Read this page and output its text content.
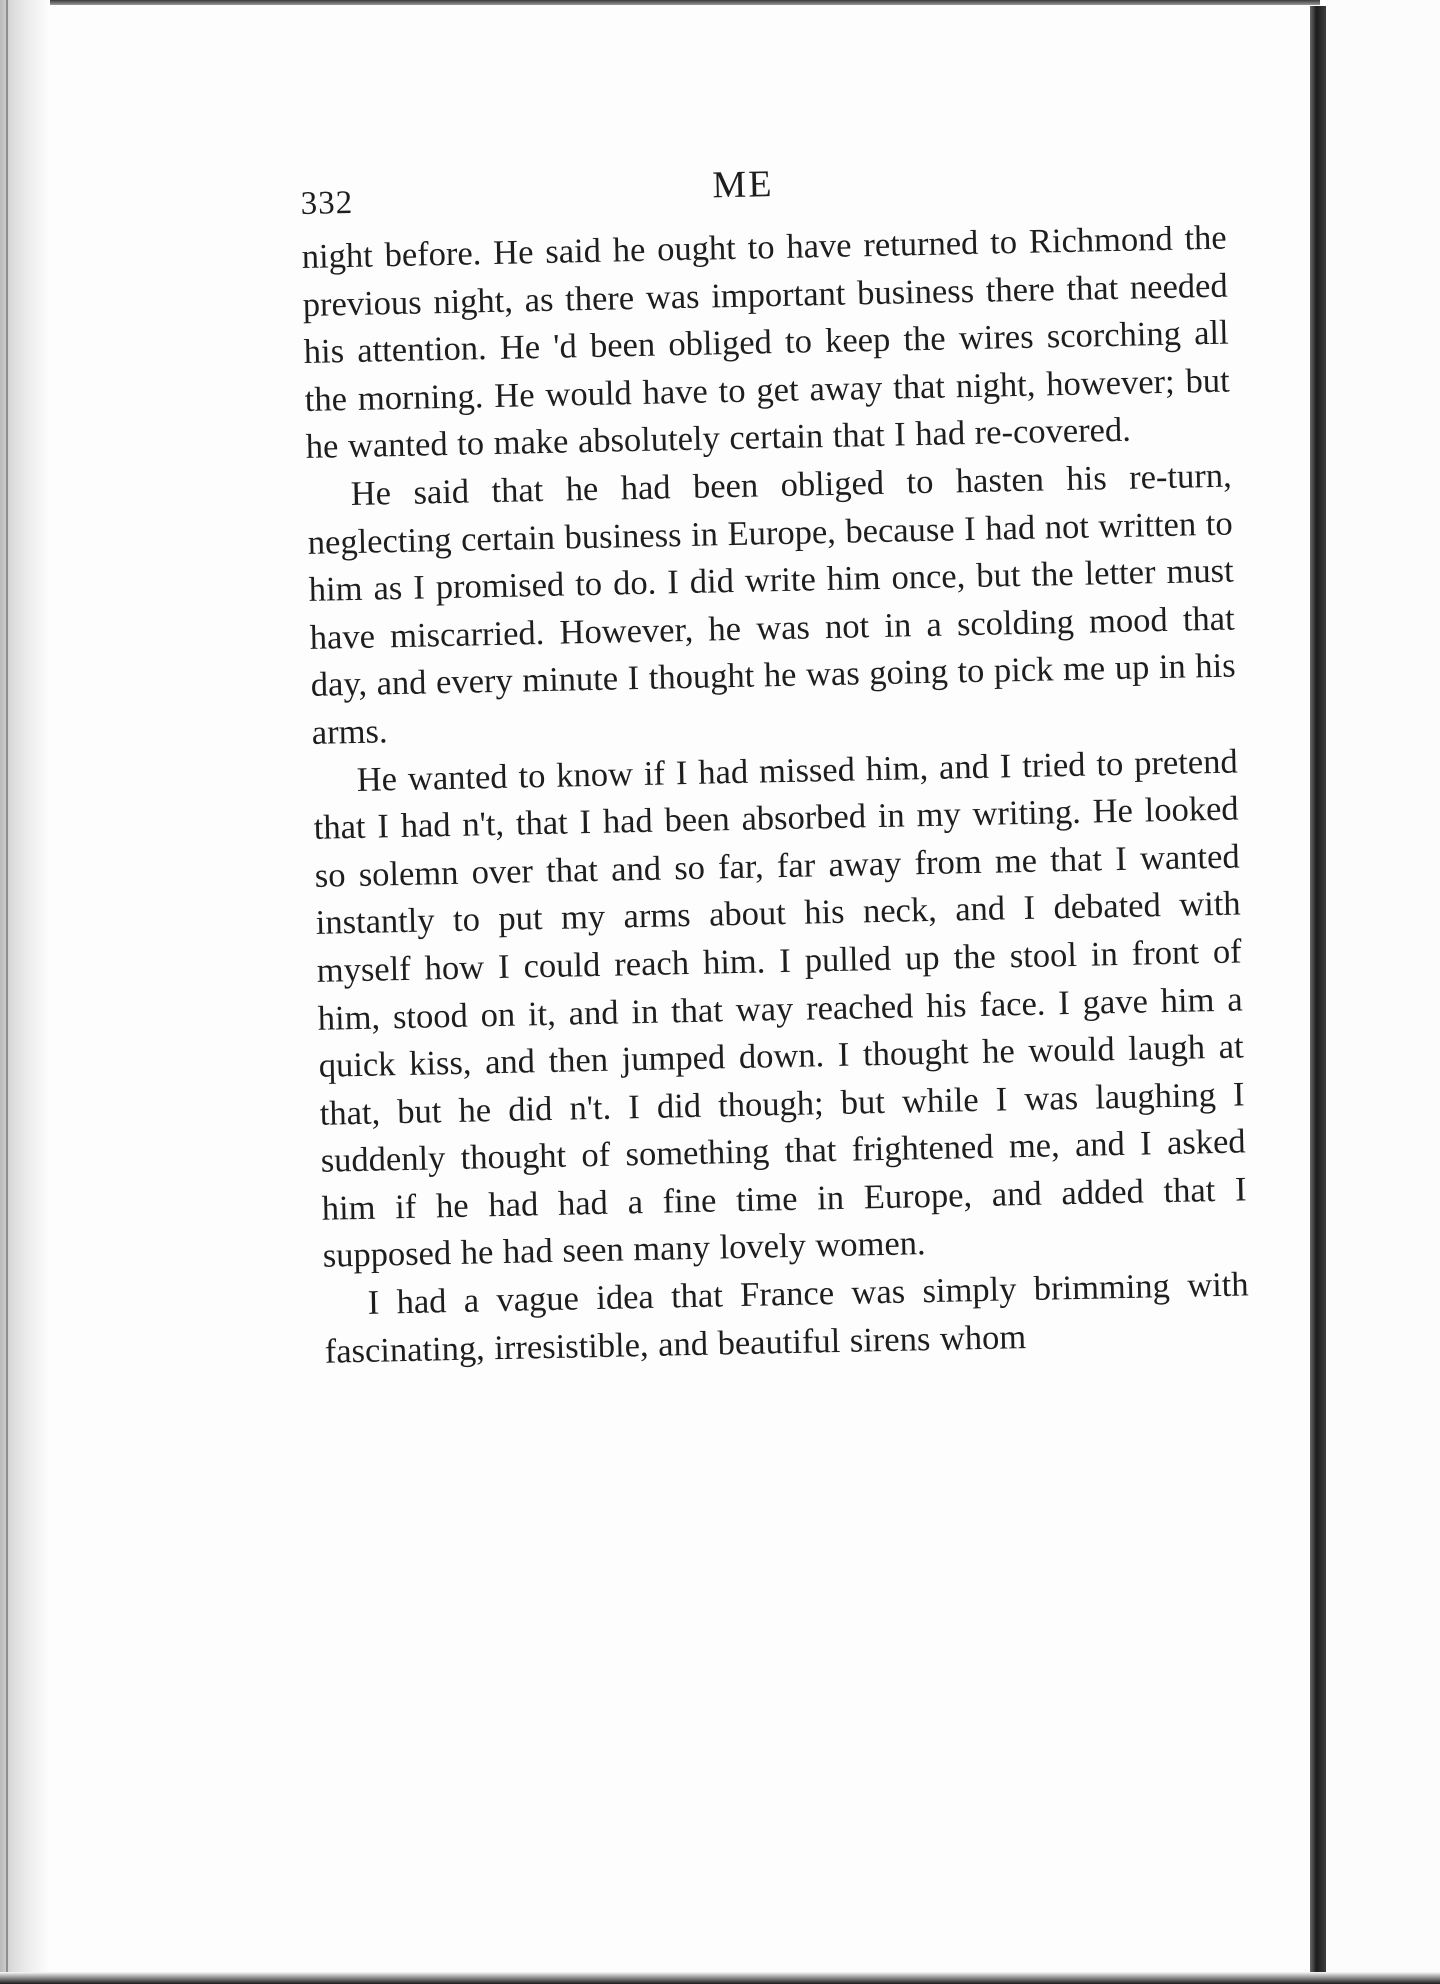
332	ME

night before. He said he ought to have returned to Richmond the previous night, as there was important business there that needed his attention. He 'd been obliged to keep the wires scorching all the morning. He would have to get away that night, however; but he wanted to make absolutely certain that I had re-covered.

He said that he had been obliged to hasten his re-turn, neglecting certain business in Europe, because I had not written to him as I promised to do. I did write him once, but the letter must have miscarried. However, he was not in a scolding mood that day, and every minute I thought he was going to pick me up in his arms.

He wanted to know if I had missed him, and I tried to pretend that I had n't, that I had been absorbed in my writing. He looked so solemn over that and so far, far away from me that I wanted instantly to put my arms about his neck, and I debated with myself how I could reach him. I pulled up the stool in front of him, stood on it, and in that way reached his face. I gave him a quick kiss, and then jumped down. I thought he would laugh at that, but he did n't. I did though; but while I was laughing I suddenly thought of something that frightened me, and I asked him if he had had a fine time in Europe, and added that I supposed he had seen many lovely women.

I had a vague idea that France was simply brimming with fascinating, irresistible, and beautiful sirens whom
